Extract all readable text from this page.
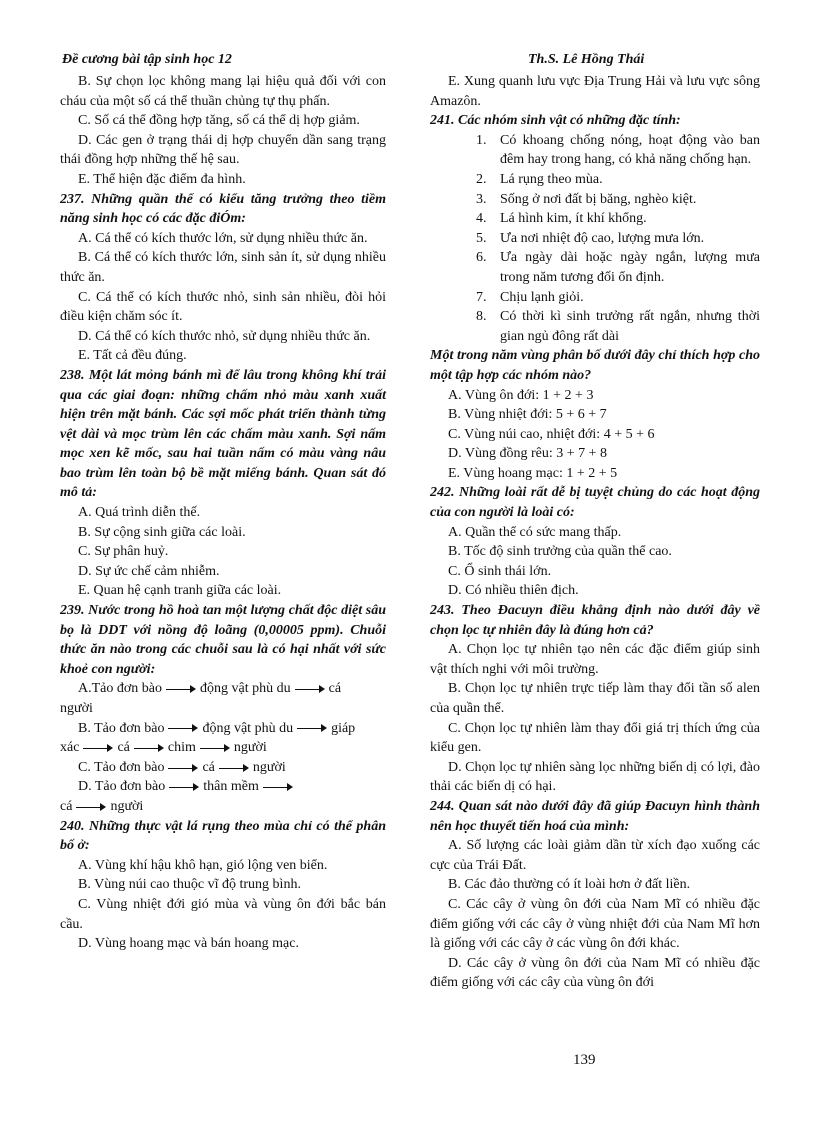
Đề cương bài tập sinh học 12	Th.S. Lê Hồng Thái

B. Sự chọn lọc không mang lại hiệu quả đối với con cháu của một số cá thể thuần chủng tự thụ phấn.

C. Số cá thể đồng hợp tăng, số cá thể dị hợp giảm.

D. Các gen ở trạng thái dị hợp chuyển dần sang trạng thái đồng hợp những thế hệ sau.

E. Thể hiện đặc điểm đa hình.

237. Những quần thể có kiểu tăng trưởng theo tiềm năng sinh học có các đặc điÓm:

A. Cá thể có kích thước lớn, sử dụng nhiều thức ăn.

B. Cá thể có kích thước lớn, sinh sản ít, sử dụng nhiều thức ăn.

C. Cá thể có kích thước nhỏ, sinh sản nhiều, đòi hỏi điều kiện chăm sóc ít.

D. Cá thể có kích thước nhỏ, sử dụng nhiều thức ăn.

E. Tất cả đều đúng.

238. Một lát mỏng bánh mì để lâu trong không khí trải qua các giai đoạn: những chấm nhỏ màu xanh xuất hiện trên mặt bánh. Các sợi mốc phát triển thành từng vệt dài và mọc trùm lên các chấm màu xanh. Sợi nấm mọc xen kẽ mốc, sau hai tuần nấm có màu vàng nâu bao trùm lên toàn bộ bề mặt miếng bánh. Quan sát đó mô tả:

A. Quá trình diễn thế.

B. Sự cộng sinh giữa các loài.

C. Sự phân huỷ.

D. Sự ức chế cảm nhiễm.

E. Quan hệ cạnh tranh giữa các loài.

239. Nước trong hồ hoà tan một lượng chất độc diệt sâu bọ là DDT với nồng độ loãng (0,00005 ppm). Chuỗi thức ăn nào trong các chuỗi sau là có hại nhất với sức khoẻ con người:

A.Tảo đơn bào	động vật phù du	cá
người

B. Tảo đơn bào	động vật phù du	giáp
xác	cá	chim	người

C. Tảo đơn bào	cá	người

D. Tảo đơn bào	thân mềm
cá	người

240. Những thực vật lá rụng theo mùa chỉ có thể phân bố ở:

A. Vùng khí hậu khô hạn, gió lộng ven biển.

B. Vùng núi cao thuộc vĩ độ trung bình.

C. Vùng nhiệt đới gió mùa và vùng ôn đới bắc bán cầu.

D. Vùng hoang mạc và bán hoang mạc.

E. Xung quanh lưu vực Địa Trung Hải và lưu vực sông Amazôn.

241. Các nhóm sinh vật có những đặc tính:

1. Có khoang chống nóng, hoạt động vào ban đêm hay trong hang, có khả năng chống hạn.
2. Lá rụng theo mùa.
3. Sống ở nơi đất bị băng, nghèo kiệt.
4. Lá hình kim, ít khí khổng.
5. Ưa nơi nhiệt độ cao, lượng mưa lớn.
6. Ưa ngày dài hoặc ngày ngắn, lượng mưa trong năm tương đối ổn định.
7. Chịu lạnh giỏi.
8. Có thời kì sinh trưởng rất ngắn, nhưng thời gian ngủ đông rất dài

Một trong năm vùng phân bố dưới đây chỉ thích hợp cho một tập hợp các nhóm nào?

A. Vùng ôn đới: 1 + 2 + 3

B. Vùng nhiệt đới: 5 + 6 + 7

C. Vùng núi cao, nhiệt đới: 4 + 5 + 6

D. Vùng đồng rêu: 3 + 7 + 8

E. Vùng hoang mạc: 1 + 2 + 5

242. Những loài rất dễ bị tuyệt chủng do các hoạt động của con người là loài có:

A. Quần thể có sức mang thấp.

B. Tốc độ sinh trưởng của quần thể cao.

C. Ổ sinh thái lớn.

D. Có nhiều thiên địch.

243. Theo Đacuyn điều khẳng định nào dưới đây về chọn lọc tự nhiên đây là đúng hơn cả?

A. Chọn lọc tự nhiên tạo nên các đặc điểm giúp sinh vật thích nghi với môi trường.

B. Chọn lọc tự nhiên trực tiếp làm thay đổi tần số alen của quần thể.

C. Chọn lọc tự nhiên làm thay đổi giá trị thích ứng của kiểu gen.

D. Chọn lọc tự nhiên sàng lọc những biến dị có lợi, đào thải các biến dị có hại.

244. Quan sát nào dưới đây đã giúp Đacuyn hình thành nên học thuyết tiến hoá của mình:

A. Số lượng các loài giảm dần từ xích đạo xuống các cực của Trái Đất.

B. Các đảo thường có ít loài hơn ở đất liền.

C. Các cây ở vùng ôn đới của Nam Mĩ có nhiều đặc điểm giống với các cây ở vùng nhiệt đới của Nam Mĩ hơn là giống với các cây ở các vùng ôn đới khác.

D. Các cây ở vùng ôn đới của Nam Mĩ có nhiều đặc điểm giống với các cây của vùng ôn đới

139
